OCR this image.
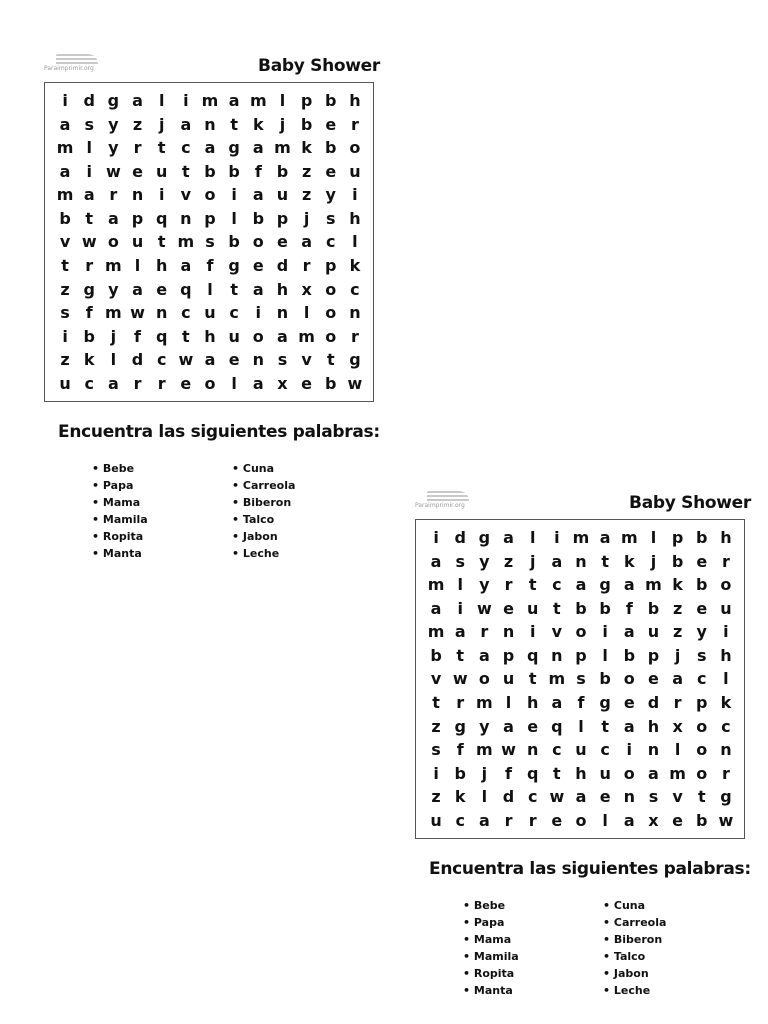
Paraimprimir.org	Baby Shower
i d g a	l	i m a m l p b h
a s y z	j	a n t k	j b e r
m l	y r	t c a g a m k b o
a	i w e u t b b f b z e u
m a r n i	v o i	a u z y	i
b t a p q n p l b p j	s h
v w o u t m s b o e a c	l
t	r m l h a f g e d r p k
z g y a e q l	t a h x o c
s f m w n c u c	i n l o n
i b j	f q t h u o a m o r
z k	l d c w a e n s v t g
u c a r	r e o l	a x e b w
Encuentra las siguientes palabras:
• Bebe
• Papa
• Mama
• Mamila
• Ropita
• Manta
• Cuna
• Carreola
• Biberon
• Talco
• Jabon
• Leche
Paraimprimir.org	Baby Shower
i d g a	l	i m a m l p b h
a s y z	j	a n t k	j b e r
m l	y r	t c a g a m k b o
a	i w e u t b b f b z e u
m a r n i	v o i	a u z y	i
b t a p q n p l b p j	s h
v w o u t m s b o e a c	l
t	r m l h a f g e d r p k
z g y a e q l	t a h x o c
s f m w n c u c	i n l o n
i b j	f q t h u o a m o r
z k	l d c w a e n s v t g
u c a r	r e o l	a x e b w
Encuentra las siguientes palabras:
• Bebe
• Papa
• Mama
• Mamila
• Ropita
• Manta
• Cuna
• Carreola
• Biberon
• Talco
• Jabon
• Leche
